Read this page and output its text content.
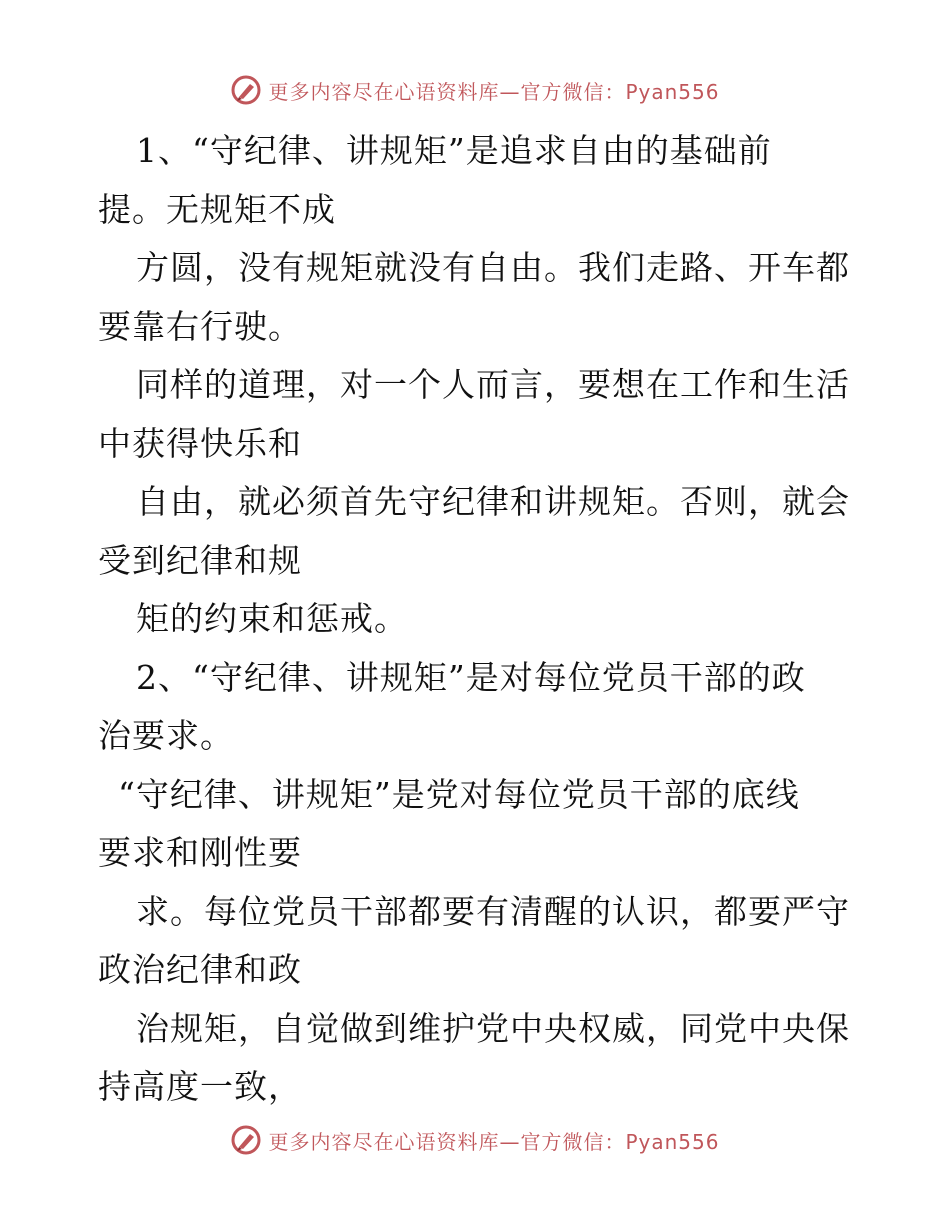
更多内容尽在心语资料库—官方微信：Pyan556
1、“守纪律、讲规矩”是追求自由的基础前
提。无规矩不成
方圆，没有规矩就没有自由。我们走路、开车都
要靠右行驶。
同样的道理，对一个人而言，要想在工作和生活
中获得快乐和
自由，就必须首先守纪律和讲规矩。否则，就会
受到纪律和规
矩的约束和惩戒。
2、“守纪律、讲规矩”是对每位党员干部的政
治要求。
“守纪律、讲规矩”是党对每位党员干部的底线
要求和刚性要
求。每位党员干部都要有清醒的认识，都要严守
政治纪律和政
治规矩，自觉做到维护党中央权威，同党中央保
持高度一致，
更多内容尽在心语资料库—官方微信：Pyan556
